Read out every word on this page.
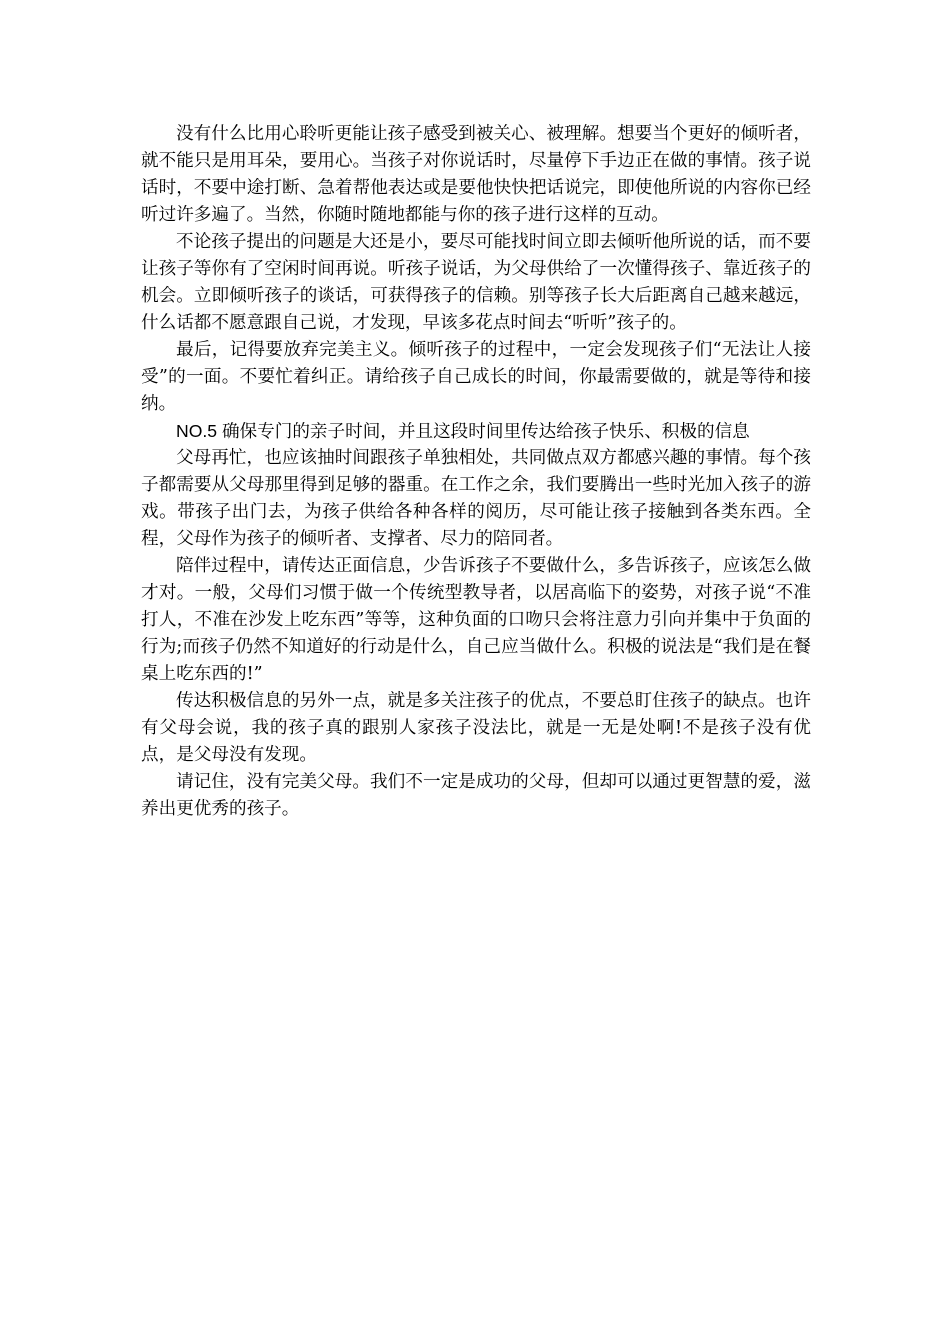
没有什么比用心聆听更能让孩子感受到被关心、被理解。想要当个更好的倾听者，就不能只是用耳朵，要用心。当孩子对你说话时，尽量停下手边正在做的事情。孩子说话时，不要中途打断、急着帮他表达或是要他快快把话说完，即使他所说的内容你已经听过许多遍了。当然，你随时随地都能与你的孩子进行这样的互动。

不论孩子提出的问题是大还是小，要尽可能找时间立即去倾听他所说的话，而不要让孩子等你有了空闲时间再说。听孩子说话，为父母供给了一次懂得孩子、靠近孩子的机会。立即倾听孩子的谈话，可获得孩子的信赖。别等孩子长大后距离自己越来越远，什么话都不愿意跟自己说，才发现，早该多花点时间去“听听”孩子的。

最后，记得要放弃完美主义。倾听孩子的过程中，一定会发现孩子们“无法让人接受”的一面。不要忙着纠正。请给孩子自己成长的时间，你最需要做的，就是等待和接纳。

NO.5 确保专门的亲子时间，并且这段时间里传达给孩子快乐、积极的信息

父母再忙，也应该抽时间跟孩子单独相处，共同做点双方都感兴趣的事情。每个孩子都需要从父母那里得到足够的器重。在工作之余，我们要腾出一些时光加入孩子的游戏。带孩子出门去，为孩子供给各种各样的阅历，尽可能让孩子接触到各类东西。全程，父母作为孩子的倾听者、支撑者、尽力的陪同者。

陪伴过程中，请传达正面信息，少告诉孩子不要做什么，多告诉孩子，应该怎么做才对。一般，父母们习惯于做一个传统型教导者，以居高临下的姿势，对孩子说“不准打人，不准在沙发上吃东西”等等，这种负面的口吻只会将注意力引向并集中于负面的行为;而孩子仍然不知道好的行动是什么，自己应当做什么。积极的说法是“我们是在餐桌上吃东西的!”

传达积极信息的另外一点，就是多关注孩子的优点，不要总盯住孩子的缺点。也许有父母会说，我的孩子真的跟别人家孩子没法比，就是一无是处啊!不是孩子没有优点，是父母没有发现。

请记住，没有完美父母。我们不一定是成功的父母，但却可以通过更智慧的爱，滋养出更优秀的孩子。
